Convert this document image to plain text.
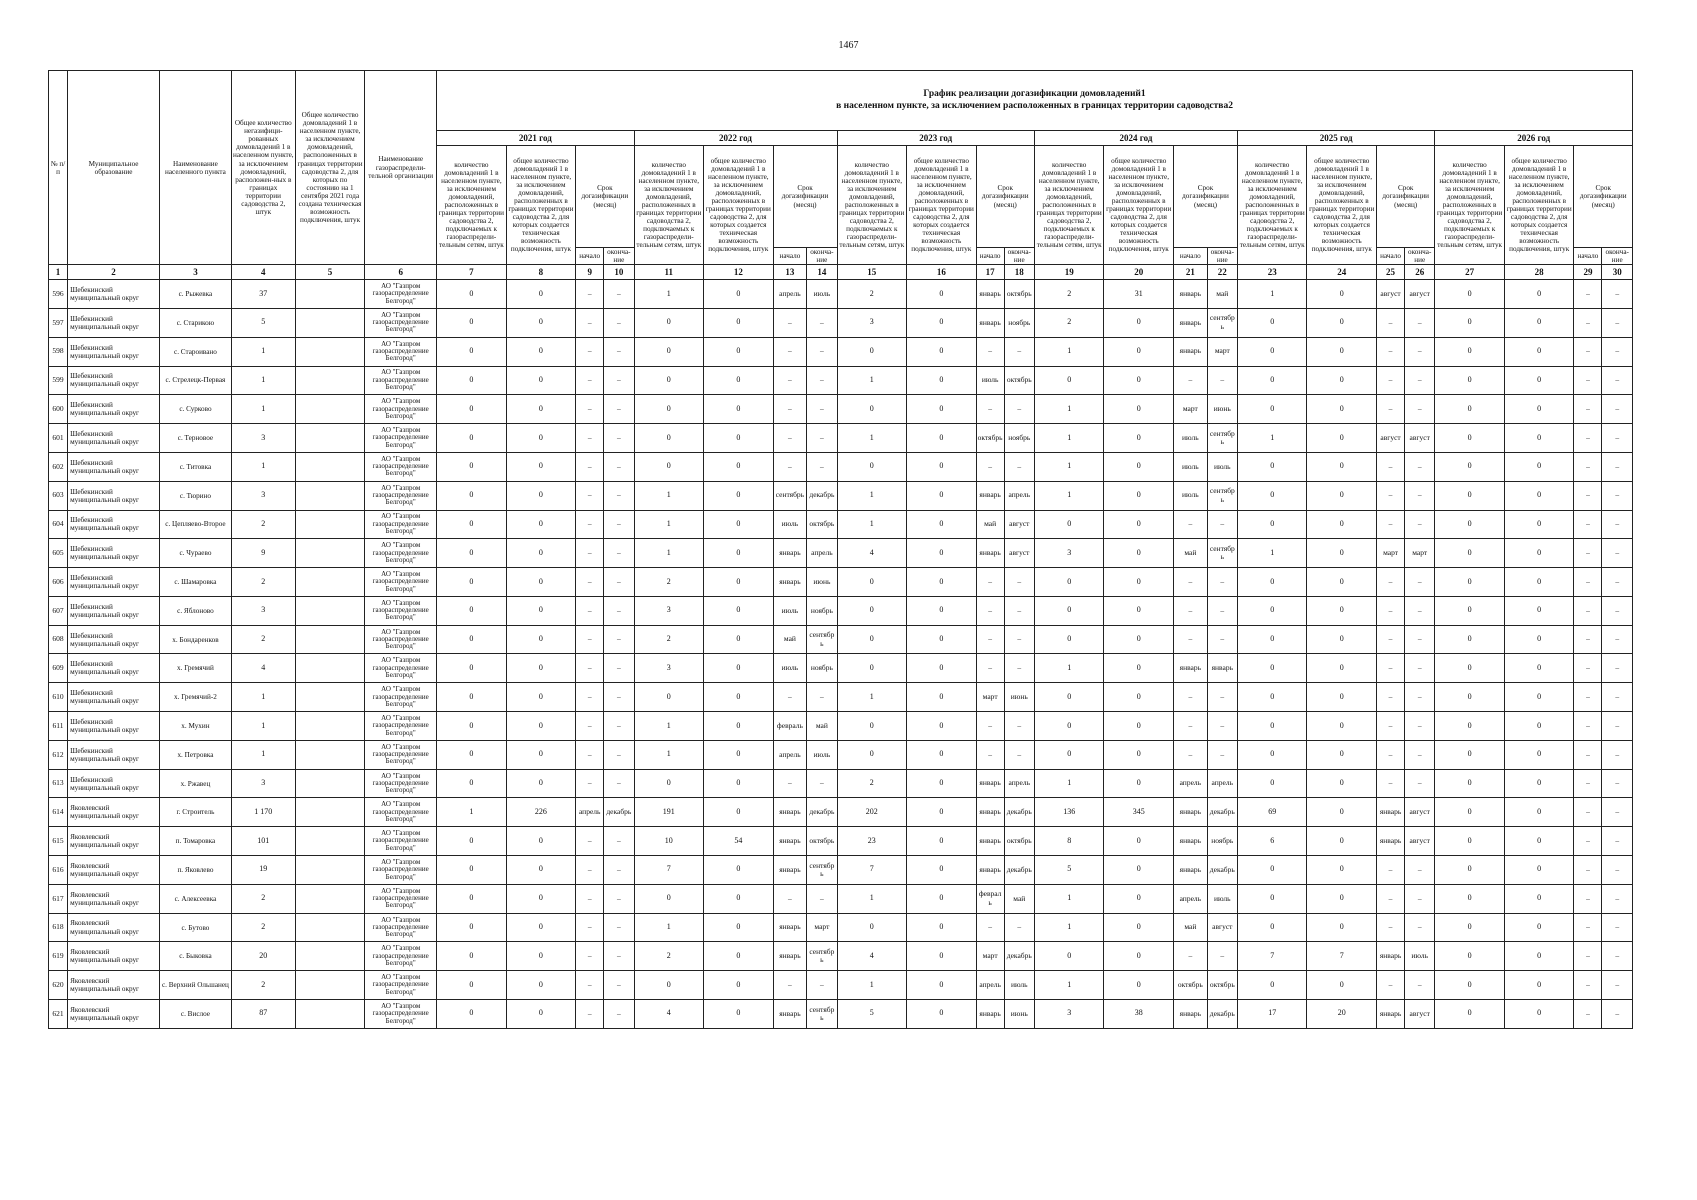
1467
№ п/п	Муниципальное образование	Наименование населенного пункта	Общее количество негазифици-рованных домовладений 1 в населенном пункте, за исключением домовладений, расположен-ных в границах территории садоводства 2, штук	Общее количество домовладений 1 в населенном пункте, за исключением домовладений, расположенных в границах территории садоводства 2, для которых по состоянию на 1 сентября 2021 года создана техническая возможность подключения, штук	Наименование газораспредели-тельной организации	График реализации догазификации домовладений1
в населенном пункте, за исключением расположенных в границах территории садоводства2																							

						2021 год				2022 год				2023 год				2024 год				2025 год				2026 год			
						количество домовладений 1 в населенном пункте, за исключением домовладений, расположенных в границах территории садоводства 2, подключаемых к газораспредели-тельным сетям, штук	общее количество домовладений 1 в населенном пункте, за исключением домовладений, расположенных в границах территории садоводства 2, для которых создается техническая возможность подключения, штук	Срок догазификации (месяц)		количество домовладений 1 в населенном пункте, за исключением домовладений, расположенных в границах территории садоводства 2, подключаемых к газораспредели-тельным сетям, штук	общее количество домовладений 1 в населенном пункте, за исключением домовладений, расположенных в границах территории садоводства 2, для которых создается техническая возможность подключения, штук	Срок догазификации (месяц)		количество домовладений 1 в населенном пункте, за исключением домовладений, расположенных в границах территории садоводства 2, подключаемых к газораспредели-тельным сетям, штук	общее количество домовладений 1 в населенном пункте, за исключением домовладений, расположенных в границах территории садоводства 2, для которых создается техническая возможность подключения, штук	Срок догазификации (месяц)		количество домовладений 1 в населенном пункте, за исключением домовладений, расположенных в границах территории садоводства 2, подключаемых к газораспредели-тельным сетям, штук	общее количество домовладений 1 в населенном пункте, за исключением домовладений, расположенных в границах территории садоводства 2, для которых создается техническая возможность подключения, штук	Срок догазификации (месяц)		количество домовладений 1 в населенном пункте, за исключением домовладений, расположенных в границах территории садоводства 2, подключаемых к газораспредели-тельным сетям, штук	общее количество домовладений 1 в населенном пункте, за исключением домовладений, расположенных в границах территории садоводства 2, для которых создается техническая возможность подключения, штук	Срок догазификации (месяц)		количество домовладений 1 в населенном пункте, за исключением домовладений, расположенных в границах территории садоводства 2, подключаемых к газораспредели-тельным сетям, штук	общее количество домовладений 1 в населенном пункте, за исключением домовладений, расположенных в границах территории садоводства 2, для которых создается техническая возможность подключения, штук	Срок догазификации (месяц)	
								начало	оконча-ние			начало	оконча-ние			начало	оконча-ние			начало	оконча-ние			начало	оконча-ние			начало	оконча-ние
1	2	3	4	5	6	7	8	9	10	11	12	13	14	15	16	17	18	19	20	21	22	23	24	25	26	27	28	29	30
596	Шебекинский муниципальный округ	с. Рыжевка	37		АО "Газпром газораспределение Белгород"	0	0	–	–	1	0	апрель	июль	2	0	январь	октябрь	2	31	январь	май	1	0	август	август	0	0	–	–
597	Шебекинский муниципальный округ	с. Старикою	5		АО "Газпром газораспределение Белгород"	0	0	–	–	0	0	–	–	3	0	январь	ноябрь	2	0	январь	сентябрь	0	0	–	–	0	0	–	–
598	Шебекинский муниципальный округ	с. Староивано	1		АО "Газпром газораспределение Белгород"	0	0	–	–	0	0	–	–	0	0	–	–	1	0	январь	март	0	0	–	–	0	0	–	–
599	Шебекинский муниципальный округ	с. Стрелецк-Первая	1		АО "Газпром газораспределение Белгород"	0	0	–	–	0	0	–	–	1	0	июль	октябрь	0	0	–	–	0	0	–	–	0	0	–	–
600	Шебекинский муниципальный округ	с. Сурково	1		АО "Газпром газораспределение Белгород"	0	0	–	–	0	0	–	–	0	0	–	–	1	0	март	июнь	0	0	–	–	0	0	–	–
601	Шебекинский муниципальный округ	с. Терновое	3		АО "Газпром газораспределение Белгород"	0	0	–	–	0	0	–	–	1	0	октябрь	ноябрь	1	0	июль	сентябрь	1	0	август	август	0	0	–	–
602	Шебекинский муниципальный округ	с. Титовка	1		АО "Газпром газораспределение Белгород"	0	0	–	–	0	0	–	–	0	0	–	–	1	0	июль	июль	0	0	–	–	0	0	–	–
603	Шебекинский муниципальный округ	с. Тюрино	3		АО "Газпром газораспределение Белгород"	0	0	–	–	1	0	сентябрь	декабрь	1	0	январь	апрель	1	0	июль	сентябрь	0	0	–	–	0	0	–	–
604	Шебекинский муниципальный округ	с. Цепляево-Второе	2		АО "Газпром газораспределение Белгород"	0	0	–	–	1	0	июль	октябрь	1	0	май	август	0	0	–	–	0	0	–	–	0	0	–	–
605	Шебекинский муниципальный округ	с. Чураево	9		АО "Газпром газораспределение Белгород"	0	0	–	–	1	0	январь	апрель	4	0	январь	август	3	0	май	сентябрь	1	0	март	март	0	0	–	–
606	Шебекинский муниципальный округ	с. Шамаровка	2		АО "Газпром газораспределение Белгород"	0	0	–	–	2	0	январь	июнь	0	0	–	–	0	0	–	–	0	0	–	–	0	0	–	–
607	Шебекинский муниципальный округ	с. Яблоново	3		АО "Газпром газораспределение Белгород"	0	0	–	–	3	0	июль	ноябрь	0	0	–	–	0	0	–	–	0	0	–	–	0	0	–	–
608	Шебекинский муниципальный округ	х. Бондаренков	2		АО "Газпром газораспределение Белгород"	0	0	–	–	2	0	май	сентябрь	0	0	–	–	0	0	–	–	0	0	–	–	0	0	–	–
609	Шебекинский муниципальный округ	х. Гремячий	4		АО "Газпром газораспределение Белгород"	0	0	–	–	3	0	июль	ноябрь	0	0	–	–	1	0	январь	январь	0	0	–	–	0	0	–	–
610	Шебекинский муниципальный округ	х. Гремячий-2	1		АО "Газпром газораспределение Белгород"	0	0	–	–	0	0	–	–	1	0	март	июнь	0	0	–	–	0	0	–	–	0	0	–	–
611	Шебекинский муниципальный округ	х. Мухин	1		АО "Газпром газораспределение Белгород"	0	0	–	–	1	0	февраль	май	0	0	–	–	0	0	–	–	0	0	–	–	0	0	–	–
612	Шебекинский муниципальный округ	х. Петровка	1		АО "Газпром газораспределение Белгород"	0	0	–	–	1	0	апрель	июль	0	0	–	–	0	0	–	–	0	0	–	–	0	0	–	–
613	Шебекинский муниципальный округ	х. Ржавец	3		АО "Газпром газораспределение Белгород"	0	0	–	–	0	0	–	–	2	0	январь	апрель	1	0	апрель	апрель	0	0	–	–	0	0	–	–
614	Яковлевский муниципальный округ	г. Строитель	1 170		АО "Газпром газораспределение Белгород"	1	226	апрель	декабрь	191	0	январь	декабрь	202	0	январь	декабрь	136	345	январь	декабрь	69	0	январь	август	0	0	–	–
615	Яковлевский муниципальный округ	п. Томаровка	101		АО "Газпром газораспределение Белгород"	0	0	–	–	10	54	январь	октябрь	23	0	январь	октябрь	8	0	январь	ноябрь	6	0	январь	август	0	0	–	–
616	Яковлевский муниципальный округ	п. Яковлево	19		АО "Газпром газораспределение Белгород"	0	0	–	–	7	0	январь	сентябрь	7	0	январь	декабрь	5	0	январь	декабрь	0	0	–	–	0	0	–	–
617	Яковлевский муниципальный округ	с. Алексеевка	2		АО "Газпром газораспределение Белгород"	0	0	–	–	0	0	–	–	1	0	февраль	май	1	0	апрель	июль	0	0	–	–	0	0	–	–
618	Яковлевский муниципальный округ	с. Бутово	2		АО "Газпром газораспределение Белгород"	0	0	–	–	1	0	январь	март	0	0	–	–	1	0	май	август	0	0	–	–	0	0	–	–
619	Яковлевский муниципальный округ	с. Быковка	20		АО "Газпром газораспределение Белгород"	0	0	–	–	2	0	январь	сентябрь	4	0	март	декабрь	0	0	–	–	7	7	январь	июль	0	0	–	–
620	Яковлевский муниципальный округ	с. Верхний Ольшанец	2		АО "Газпром газораспределение Белгород"	0	0	–	–	0	0	–	–	1	0	апрель	июль	1	0	октябрь	октябрь	0	0	–	–	0	0	–	–
621	Яковлевский муниципальный округ	с. Вислое	87		АО "Газпром газораспределение Белгород"	0	0	–	–	4	0	январь	сентябрь	5	0	январь	июнь	3	38	январь	декабрь	17	20	январь	август	0	0	–	–
